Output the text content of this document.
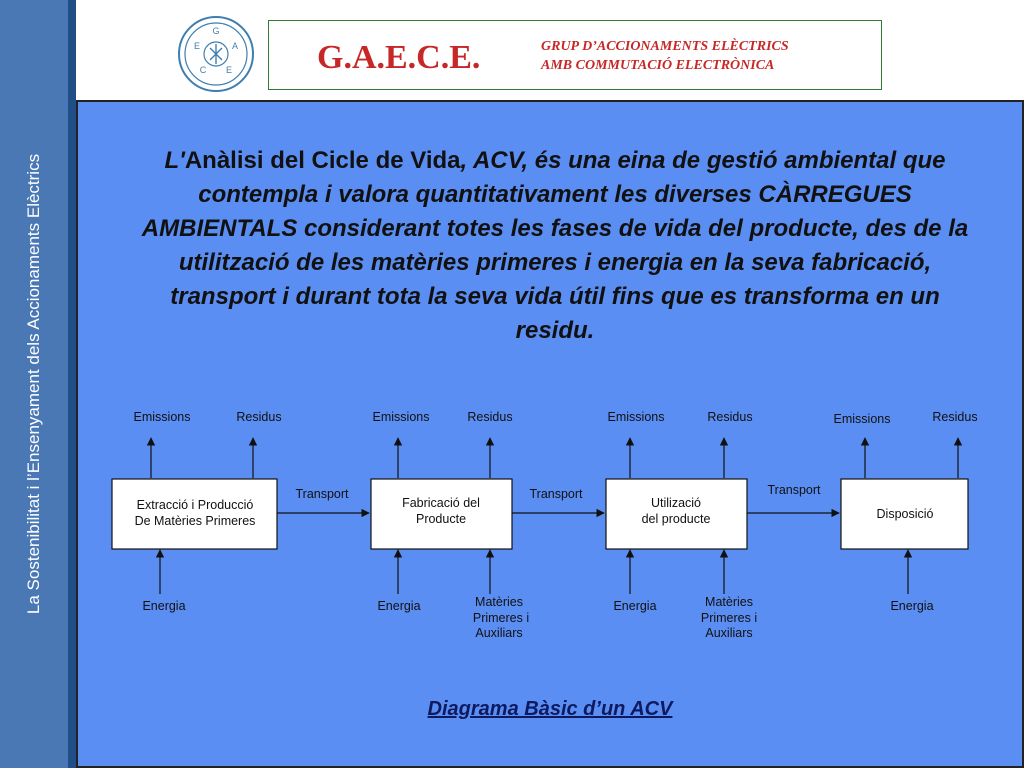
La Sostenibilitat i l’Ensenyament dels Accionaments Elèctrics
G
A
E
C
E	G.A.E.C.E.	GRUP D’ACCIONAMENTS ELÈCTRICS
AMB COMMUTACIÓ ELECTRÒNICA
L'Anàlisi del Cicle de Vida, ACV, és una eina de gestió ambiental que contempla i valora quantitativament les diverses CÀRREGUES AMBIENTALS considerant totes les fases de vida del producte, des de la utilització de les matèries primeres i energia en la seva fabricació, transport i durant tota la seva vida útil fins que es transforma en un residu.
Extracció i Producció
De Matèries Primeres
Fabricació del
Producte
Utilizació
del producte	Disposició
Transport	Transport	Transport
Emissions	Residus	Emissions	Residus	Emissions	Residus	Emissions	Residus
Energia	Energia	Energia	Energia
Matèries
Primeres i
Auxiliars
Matèries
Primeres i
Auxiliars
Diagrama Bàsic d’un ACV
